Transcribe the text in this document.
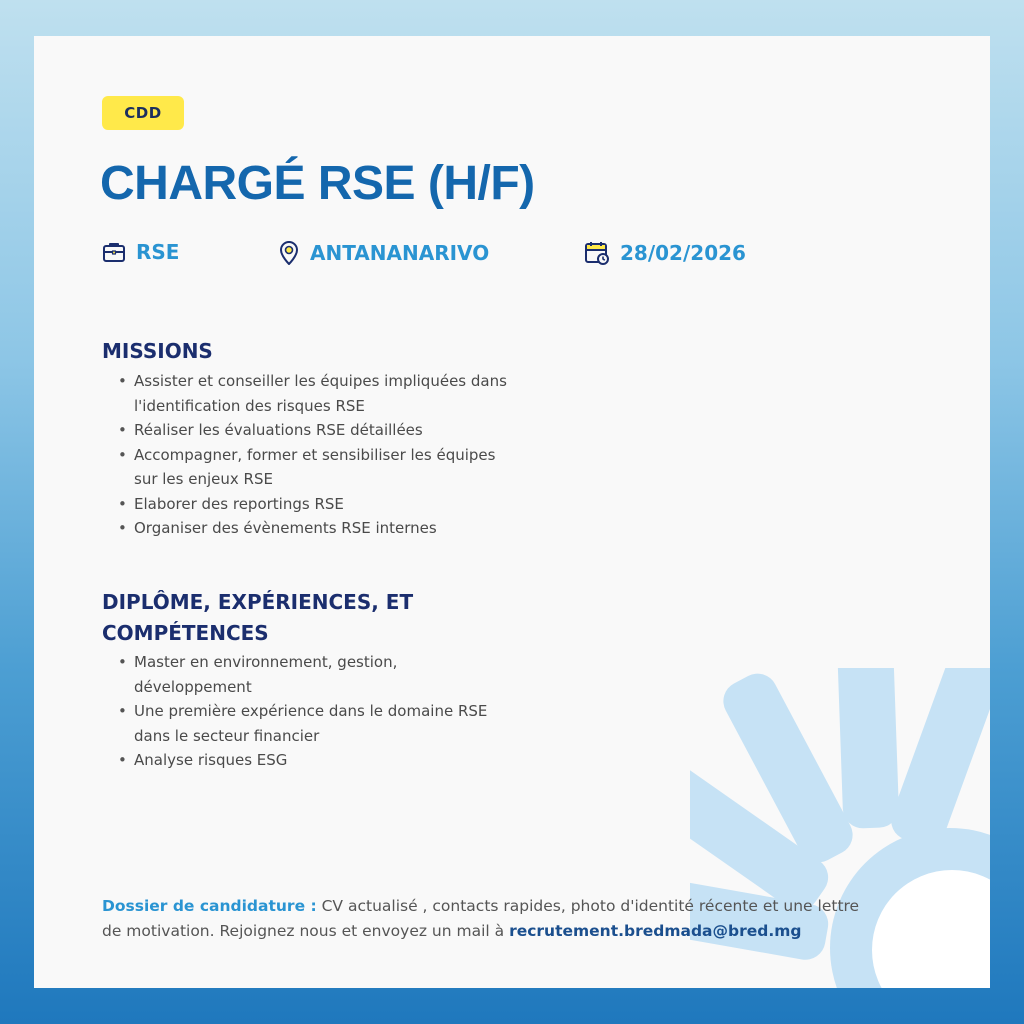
CDD
CHARGÉ RSE (H/F)
RSE	ANTANANARIVO	28/02/2026
MISSIONS
• Assister et conseiller les équipes impliquées dans l'identification des risques RSE
• Réaliser les évaluations RSE détaillées
• Accompagner, former et sensibiliser les équipes sur les enjeux RSE
• Elaborer des reportings RSE
• Organiser des évènements RSE internes
DIPLÔME, EXPÉRIENCES, ET COMPÉTENCES
• Master en environnement, gestion, développement
• Une première expérience dans le domaine RSE dans le secteur financier
• Analyse risques ESG

Dossier de candidature : CV actualisé , contacts rapides, photo d'identité récente et une lettre de motivation. Rejoignez nous et envoyez un mail à recrutement.bredmada@bred.mg
